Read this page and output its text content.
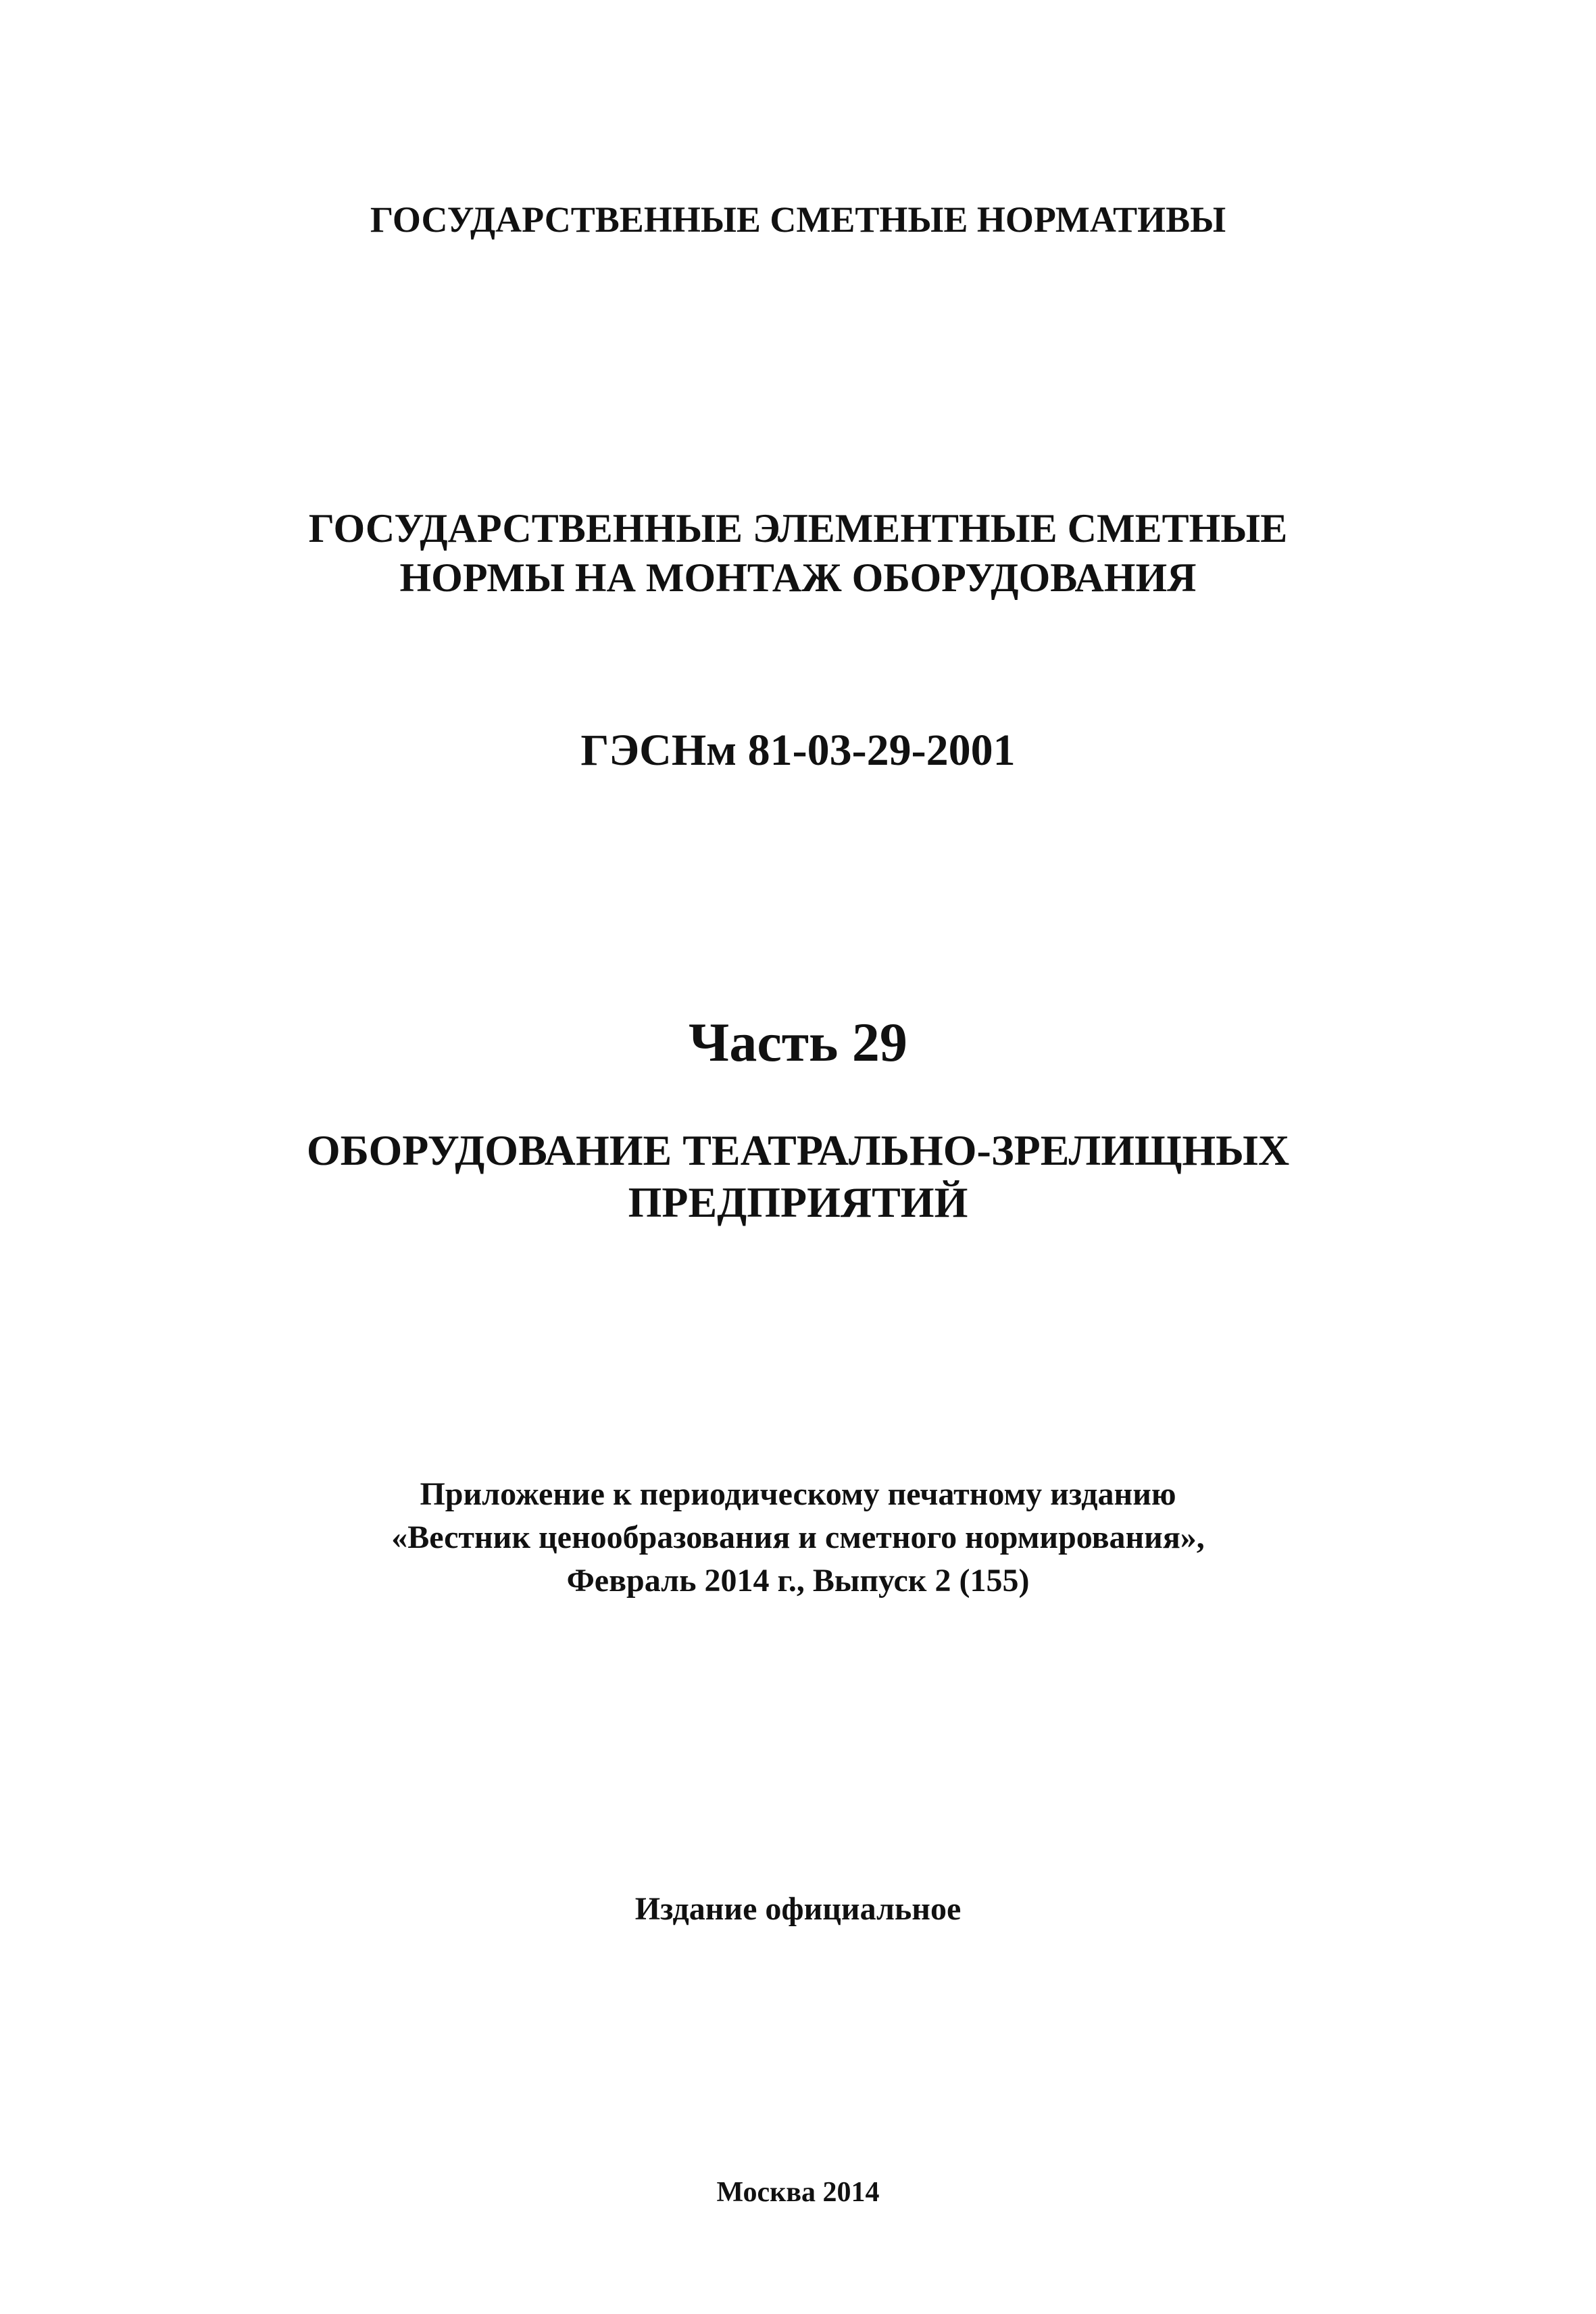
ГОСУДАРСТВЕННЫЕ СМЕТНЫЕ НОРМАТИВЫ
ГОСУДАРСТВЕННЫЕ ЭЛЕМЕНТНЫЕ СМЕТНЫЕ
НОРМЫ НА МОНТАЖ ОБОРУДОВАНИЯ
ГЭСНм 81-03-29-2001
Часть 29
ОБОРУДОВАНИЕ ТЕАТРАЛЬНО-ЗРЕЛИЩНЫХ
ПРЕДПРИЯТИЙ
Приложение к периодическому печатному изданию
«Вестник ценообразования и сметного нормирования»,
Февраль 2014 г., Выпуск 2 (155)
Издание официальное
Москва 2014
